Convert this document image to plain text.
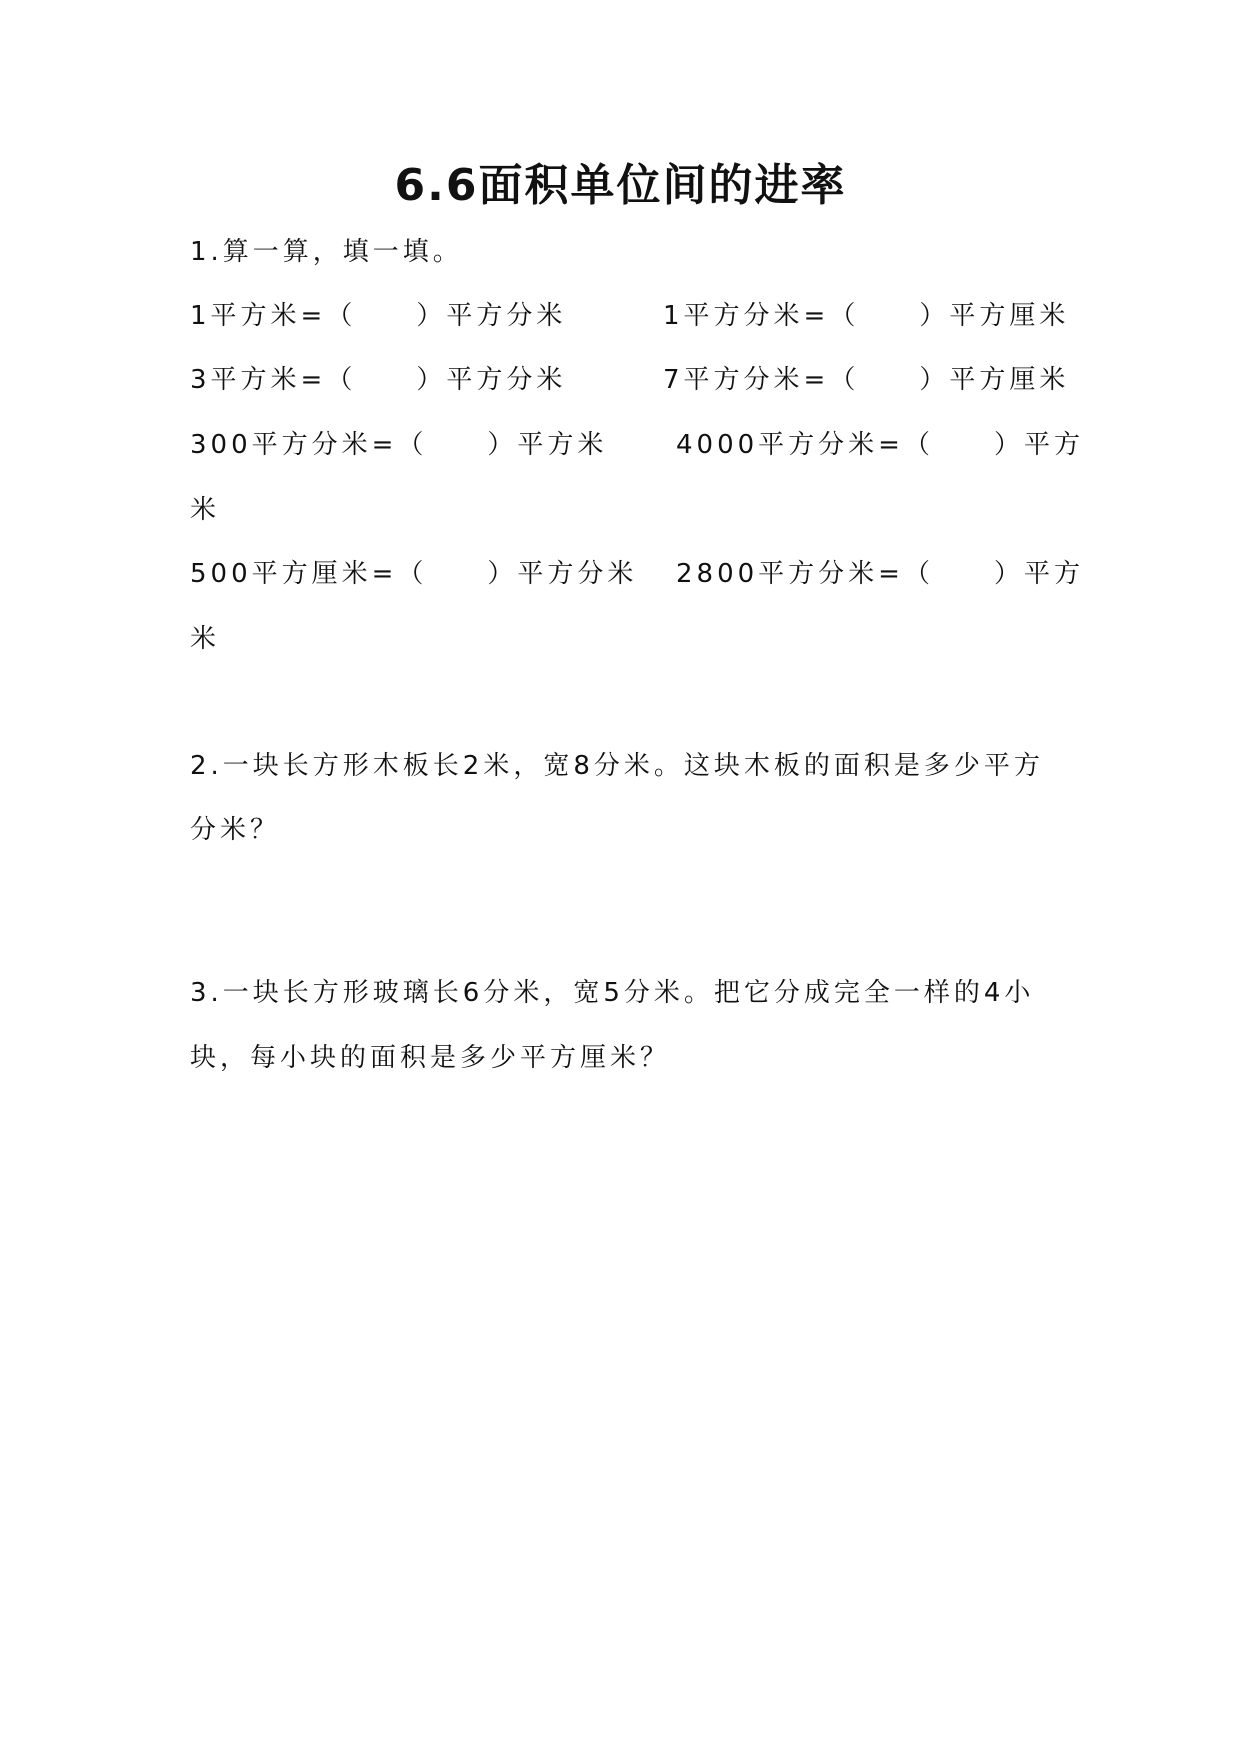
6.6面积单位间的进率
1.算一算，填一填。
1平方米=（　　）平方分米	1平方分米=（　　）平方厘米
3平方米=（　　）平方分米	7平方分米=（　　）平方厘米
300平方分米=（　　）平方米	4000平方分米=（　　）平方
米
500平方厘米=（　　）平方分米 2800平方分米=（　　）平方
米
2.一块长方形木板长2米，宽8分米。这块木板的面积是多少平方
分米？
3.一块长方形玻璃长6分米，宽5分米。把它分成完全一样的4小
块，每小块的面积是多少平方厘米？
